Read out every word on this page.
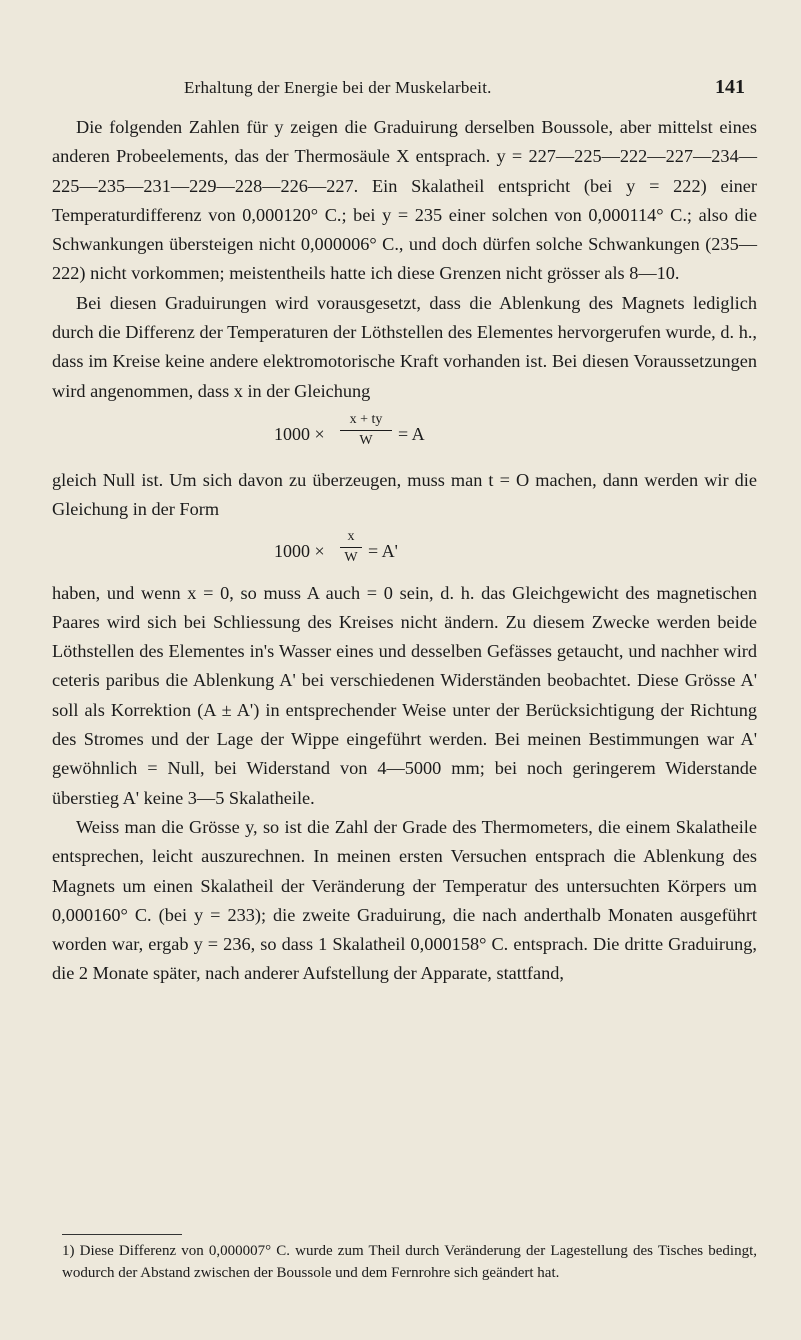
Erhaltung der Energie bei der Muskelarbeit.	141

Die folgenden Zahlen für y zeigen die Graduirung derselben Boussole, aber mittelst eines anderen Probeelements, das der Thermosäule X entsprach. y = 227—225—222—227—234—225—235—231—229—228—226—227. Ein Skalatheil entspricht (bei y = 222) einer Temperaturdifferenz von 0,000120° C.; bei y = 235 einer solchen von 0,000114° C.; also die Schwankungen übersteigen nicht 0,000006° C., und doch dürfen solche Schwankungen (235—222) nicht vorkommen; meistentheils hatte ich diese Grenzen nicht grösser als 8—10.

Bei diesen Graduirungen wird vorausgesetzt, dass die Ablenkung des Magnets lediglich durch die Differenz der Temperaturen der Löthstellen des Elementes hervorgerufen wurde, d. h., dass im Kreise keine andere elektromotorische Kraft vorhanden ist. Bei diesen Voraussetzungen wird angenommen, dass x in der Gleichung

1000 ×
x + ty
W	= A

gleich Null ist. Um sich davon zu überzeugen, muss man t = O machen, dann werden wir die Gleichung in der Form

1000 ×
x
W = A'

haben, und wenn x = 0, so muss A auch = 0 sein, d. h. das Gleichgewicht des magnetischen Paares wird sich bei Schliessung des Kreises nicht ändern. Zu diesem Zwecke werden beide Löthstellen des Elementes in's Wasser eines und desselben Gefässes getaucht, und nachher wird ceteris paribus die Ablenkung A' bei verschiedenen Widerständen beobachtet. Diese Grösse A' soll als Korrektion (A ± A') in entsprechender Weise unter der Berücksichtigung der Richtung des Stromes und der Lage der Wippe eingeführt werden. Bei meinen Bestimmungen war A' gewöhnlich = Null, bei Widerstand von 4—5000 mm; bei noch geringerem Widerstande überstieg A' keine 3—5 Skalatheile.

Weiss man die Grösse y, so ist die Zahl der Grade des Thermometers, die einem Skalatheile entsprechen, leicht auszurechnen. In meinen ersten Versuchen entsprach die Ablenkung des Magnets um einen Skalatheil der Veränderung der Temperatur des untersuchten Körpers um 0,000160° C. (bei y = 233); die zweite Graduirung, die nach anderthalb Monaten ausgeführt worden war, ergab y = 236, so dass 1 Skalatheil 0,000158° C. entsprach. Die dritte Graduirung, die 2 Monate später, nach anderer Aufstellung der Apparate, stattfand,

1) Diese Differenz von 0,000007° C. wurde zum Theil durch Veränderung der Lagestellung des Tisches bedingt, wodurch der Abstand zwischen der Boussole und dem Fernrohre sich geändert hat.
